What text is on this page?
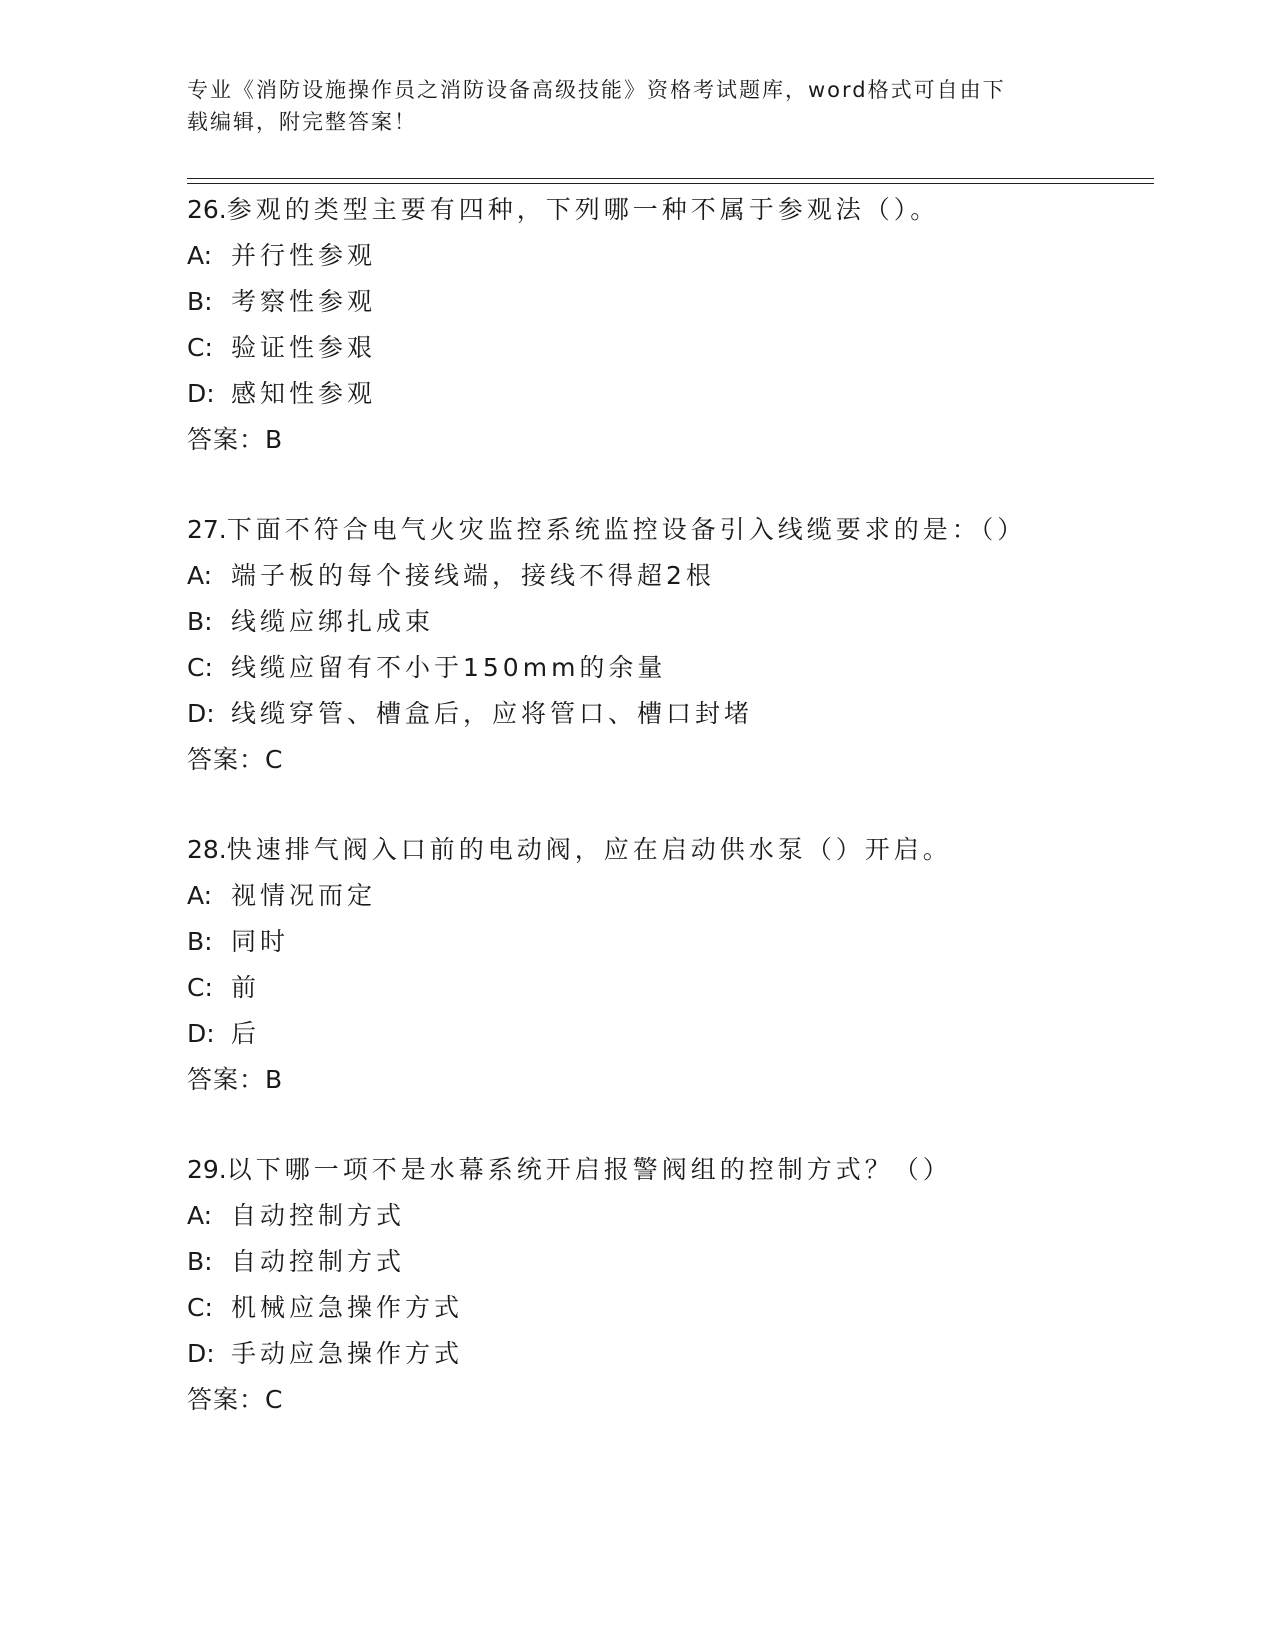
专业《消防设施操作员之消防设备高级技能》资格考试题库，word格式可自由下
载编辑，附完整答案！
26.参观的类型主要有四种，下列哪一种不属于参观法（）。
A: 并行性参观
B: 考察性参观
C: 验证性参艰
D: 感知性参观
答案：B
27.下面不符合电气火灾监控系统监控设备引入线缆要求的是：（）
A: 端子板的每个接线端，接线不得超2根
B: 线缆应绑扎成束
C: 线缆应留有不小于150mm的余量
D: 线缆穿管、槽盒后，应将管口、槽口封堵
答案：C
28.快速排气阀入口前的电动阀，应在启动供水泵（）开启。
A: 视情况而定
B: 同时
C: 前
D: 后
答案：B
29.以下哪一项不是水幕系统开启报警阀组的控制方式？（）
A: 自动控制方式
B: 自动控制方式
C: 机械应急操作方式
D: 手动应急操作方式
答案：C
